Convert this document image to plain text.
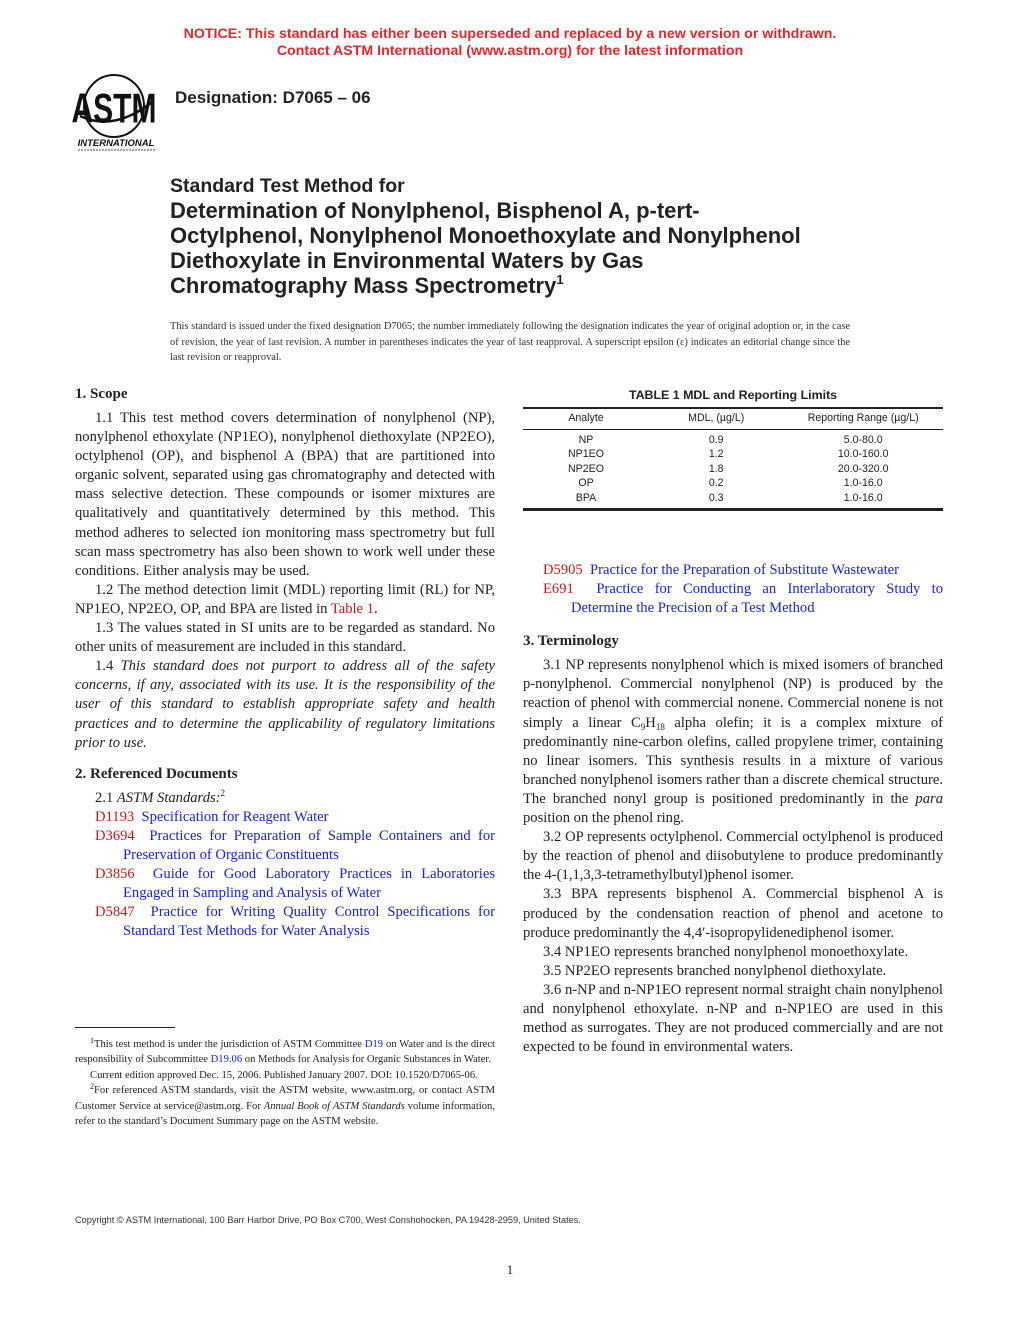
NOTICE: This standard has either been superseded and replaced by a new version or withdrawn.
Contact ASTM International (www.astm.org) for the latest information
ASTM
INTERNATIONAL
Designation: D7065 – 06
Standard Test Method for
Determination of Nonylphenol, Bisphenol A, p-tert-
Octylphenol, Nonylphenol Monoethoxylate and Nonylphenol
Diethoxylate in Environmental Waters by Gas
Chromatography Mass Spectrometry$^1$
This standard is issued under the fixed designation D7065; the number immediately following the designation indicates the year of original adoption or, in the case of revision, the year of last revision. A number in parentheses indicates the year of last reapproval. A superscript epsilon (ε) indicates an editorial change since the last revision or reapproval.
1. Scope

1.1 This test method covers determination of nonylphenol (NP), nonylphenol ethoxylate (NP1EO), nonylphenol diethoxylate (NP2EO), octylphenol (OP), and bisphenol A (BPA) that are partitioned into organic solvent, separated using gas chromatography and detected with mass selective detection. These compounds or isomer mixtures are qualitatively and quantitatively determined by this method. This method adheres to selected ion monitoring mass spectrometry but full scan mass spectrometry has also been shown to work well under these conditions. Either analysis may be used.

1.2 The method detection limit (MDL) reporting limit (RL) for NP, NP1EO, NP2EO, OP, and BPA are listed in Table 1.

1.3 The values stated in SI units are to be regarded as standard. No other units of measurement are included in this standard.

1.4 This standard does not purport to address all of the safety concerns, if any, associated with its use. It is the responsibility of the user of this standard to establish appropriate safety and health practices and to determine the applicability of regulatory limitations prior to use.

2. Referenced Documents

2.1 ASTM Standards:$^2$

D1193 Specification for Reagent Water

D3694 Practices for Preparation of Sample Containers and for Preservation of Organic Constituents

D3856 Guide for Good Laboratory Practices in Laboratories Engaged in Sampling and Analysis of Water

D5847 Practice for Writing Quality Control Specifications for Standard Test Methods for Water Analysis

$^1$This test method is under the jurisdiction of ASTM Committee D19 on Water and is the direct responsibility of Subcommittee D19.06 on Methods for Analysis for Organic Substances in Water.

Current edition approved Dec. 15, 2006. Published January 2007. DOI: 10.1520/D7065-06.

$^2$For referenced ASTM standards, visit the ASTM website, www.astm.org, or contact ASTM Customer Service at service@astm.org. For Annual Book of ASTM Standards volume information, refer to the standard’s Document Summary page on the ASTM website.

TABLE 1 MDL and Reporting Limits
Analyte	MDL, (µg/L)	Reporting Range (µg/L)
NP	0.9	5.0-80.0
NP1EO	1.2	10.0-160.0
NP2EO	1.8	20.0-320.0
OP	0.2	1.0-16.0
BPA	0.3	1.0-16.0

D5905 Practice for the Preparation of Substitute Wastewater

E691 Practice for Conducting an Interlaboratory Study to Determine the Precision of a Test Method

3. Terminology

3.1 NP represents nonylphenol which is mixed isomers of branched p-nonylphenol. Commercial nonylphenol (NP) is produced by the reaction of phenol with commercial nonene. Commercial nonene is not simply a linear $C_9H_{18}$ alpha olefin; it is a complex mixture of predominantly nine-carbon olefins, called propylene trimer, containing no linear isomers. This synthesis results in a mixture of various branched nonylphenol isomers rather than a discrete chemical structure. The branched nonyl group is positioned predominantly in the para position on the phenol ring.

3.2 OP represents octylphenol. Commercial octylphenol is produced by the reaction of phenol and diisobutylene to produce predominantly the 4-(1,1,3,3-tetramethylbutyl)phenol isomer.

3.3 BPA represents bisphenol A. Commercial bisphenol A is produced by the condensation reaction of phenol and acetone to produce predominantly the 4,4′-isopropylidenediphenol isomer.

3.4 NP1EO represents branched nonylphenol monoethoxylate.

3.5 NP2EO represents branched nonylphenol diethoxylate.

3.6 n-NP and n-NP1EO represent normal straight chain nonylphenol and nonylphenol ethoxylate. n-NP and n-NP1EO are used in this method as surrogates. They are not produced commercially and are not expected to be found in environmental waters.

Copyright © ASTM International, 100 Barr Harbor Drive, PO Box C700, West Conshohocken, PA 19428-2959, United States.
1
